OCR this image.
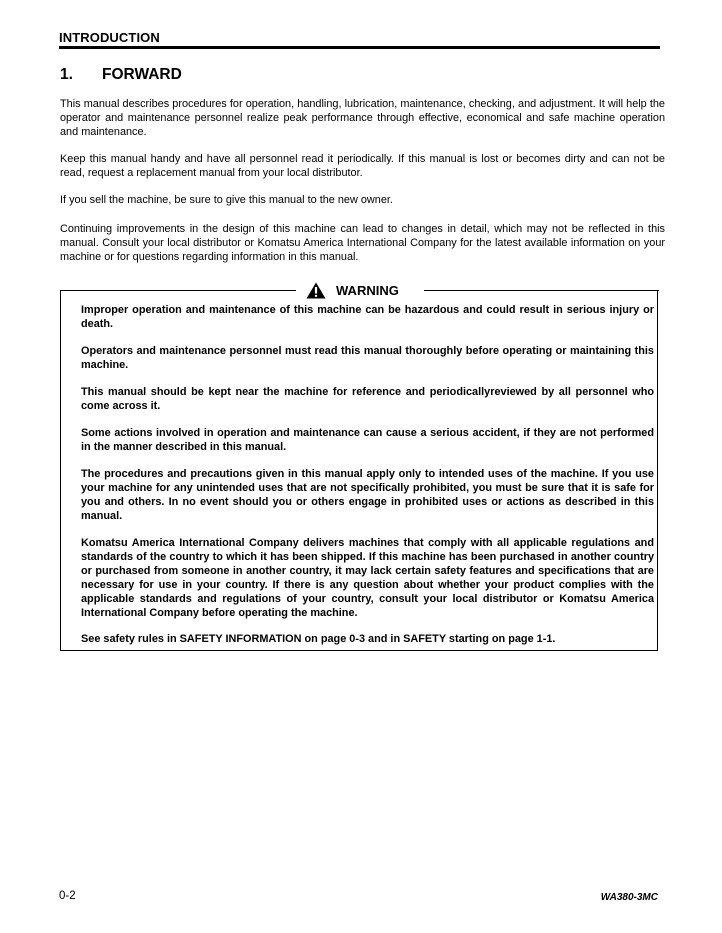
INTRODUCTION
1. FORWARD

This manual describes procedures for operation, handling, lubrication, maintenance, checking, and adjustment. It will help the operator and maintenance personnel realize peak performance through effective, economical and safe machine operation and maintenance.

Keep this manual handy and have all personnel read it periodically. If this manual is lost or becomes dirty and can not be read, request a replacement manual from your local distributor.

If you sell the machine, be sure to give this manual to the new owner.

Continuing improvements in the design of this machine can lead to changes in detail, which may not be reflected in this manual. Consult your local distributor or Komatsu America International Company for the latest available information on your machine or for questions regarding information in this manual.

WARNING

Improper operation and maintenance of this machine can be hazardous and could result in serious injury or death.

Operators and maintenance personnel must read this manual thoroughly before operating or maintaining this machine.

This manual should be kept near the machine for reference and periodicallyreviewed by all personnel who come across it.

Some actions involved in operation and maintenance can cause a serious accident, if they are not performed in the manner described in this manual.

The procedures and precautions given in this manual apply only to intended uses of the machine. If you use your machine for any unintended uses that are not specifically prohibited, you must be sure that it is safe for you and others. In no event should you or others engage in prohibited uses or actions as described in this manual.

Komatsu America International Company delivers machines that comply with all applicable regulations and standards of the country to which it has been shipped. If this machine has been purchased in another country or purchased from someone in another country, it may lack certain safety features and specifications that are necessary for use in your country. If there is any question about whether your product complies with the applicable standards and regulations of your country, consult your local distributor or Komatsu America International Company before operating the machine.

See safety rules in SAFETY INFORMATION on page 0-3 and in SAFETY starting on page 1-1.

0-2	WA380-3MC
